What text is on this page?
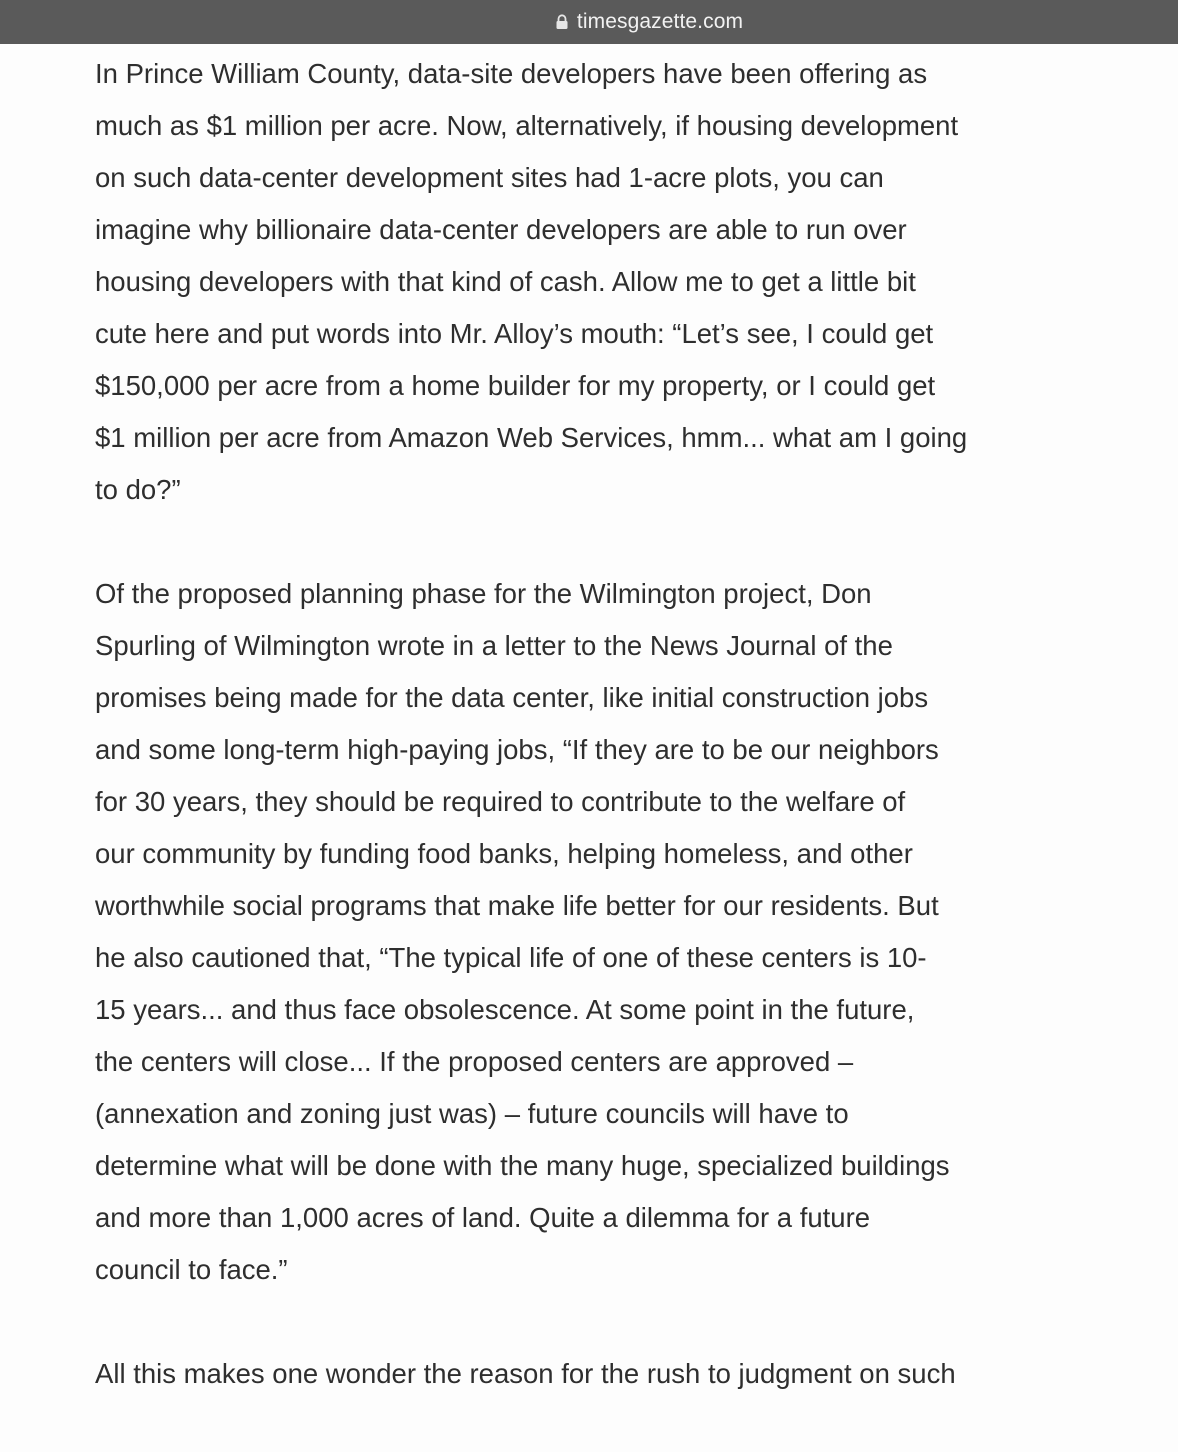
timesgazette.com
In Prince William County, data-site developers have been offering as
much as $1 million per acre. Now, alternatively, if housing development
on such data-center development sites had 1-acre plots, you can
imagine why billionaire data-center developers are able to run over
housing developers with that kind of cash. Allow me to get a little bit
cute here and put words into Mr. Alloy’s mouth: “Let’s see, I could get
$150,000 per acre from a home builder for my property, or I could get
$1 million per acre from Amazon Web Services, hmm... what am I going
to do?”
Of the proposed planning phase for the Wilmington project, Don
Spurling of Wilmington wrote in a letter to the News Journal of the
promises being made for the data center, like initial construction jobs
and some long-term high-paying jobs, “If they are to be our neighbors
for 30 years, they should be required to contribute to the welfare of
our community by funding food banks, helping homeless, and other
worthwhile social programs that make life better for our residents. But
he also cautioned that, “The typical life of one of these centers is 10-
15 years... and thus face obsolescence. At some point in the future,
the centers will close... If the proposed centers are approved –
(annexation and zoning just was) – future councils will have to
determine what will be done with the many huge, specialized buildings
and more than 1,000 acres of land. Quite a dilemma for a future
council to face.”
All this makes one wonder the reason for the rush to judgment on such
